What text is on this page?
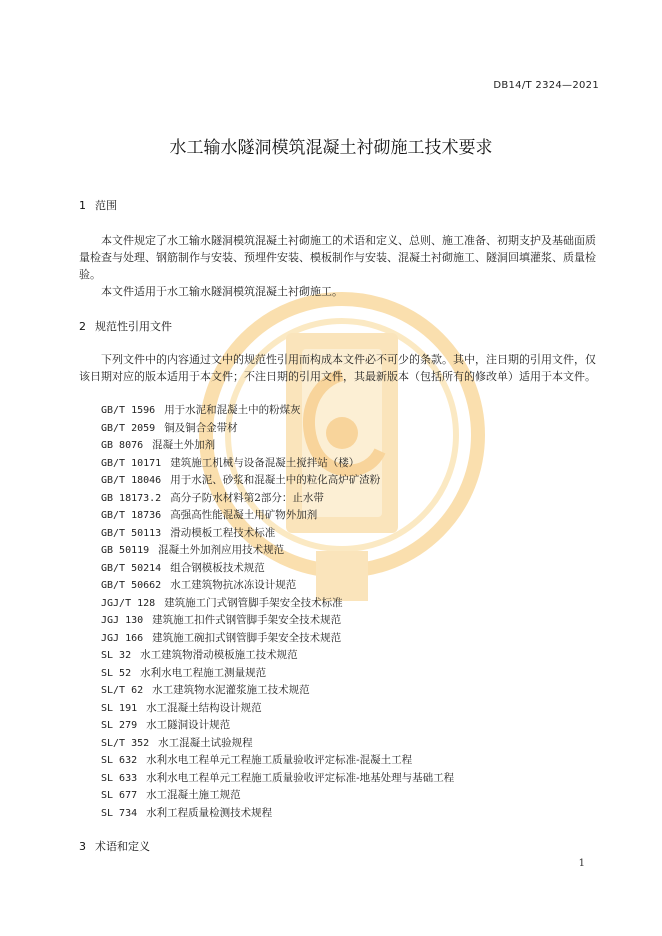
DB14/T 2324—2021
水工输水隧洞模筑混凝土衬砌施工技术要求
1 范围

本文件规定了水工输水隧洞模筑混凝土衬砌施工的术语和定义、总则、施工准备、初期支护及基础面质量检查与处理、钢筋制作与安装、预埋件安装、模板制作与安装、混凝土衬砌施工、隧洞回填灌浆、质量检验。

本文件适用于水工输水隧洞模筑混凝土衬砌施工。

2 规范性引用文件

下列文件中的内容通过文中的规范性引用而构成本文件必不可少的条款。其中，注日期的引用文件，仅该日期对应的版本适用于本文件；不注日期的引用文件，其最新版本（包括所有的修改单）适用于本文件。

GB/T 1596 用于水泥和混凝土中的粉煤灰
GB/T 2059 铜及铜合金带材
GB 8076 混凝土外加剂
GB/T 10171 建筑施工机械与设备混凝土搅拌站（楼）
GB/T 18046 用于水泥、砂浆和混凝土中的粒化高炉矿渣粉
GB 18173.2 高分子防水材料第2部分：止水带
GB/T 18736 高强高性能混凝土用矿物外加剂
GB/T 50113 滑动模板工程技术标准
GB 50119 混凝土外加剂应用技术规范
GB/T 50214 组合钢模板技术规范
GB/T 50662 水工建筑物抗冰冻设计规范
JGJ/T 128 建筑施工门式钢管脚手架安全技术标准
JGJ 130 建筑施工扣件式钢管脚手架安全技术规范
JGJ 166 建筑施工碗扣式钢管脚手架安全技术规范
SL 32 水工建筑物滑动模板施工技术规范
SL 52 水利水电工程施工测量规范
SL/T 62 水工建筑物水泥灌浆施工技术规范
SL 191 水工混凝土结构设计规范
SL 279 水工隧洞设计规范
SL/T 352 水工混凝土试验规程
SL 632 水利水电工程单元工程施工质量验收评定标准-混凝土工程
SL 633 水利水电工程单元工程施工质量验收评定标准-地基处理与基础工程
SL 677 水工混凝土施工规范
SL 734 水利工程质量检测技术规程
3 术语和定义
1
